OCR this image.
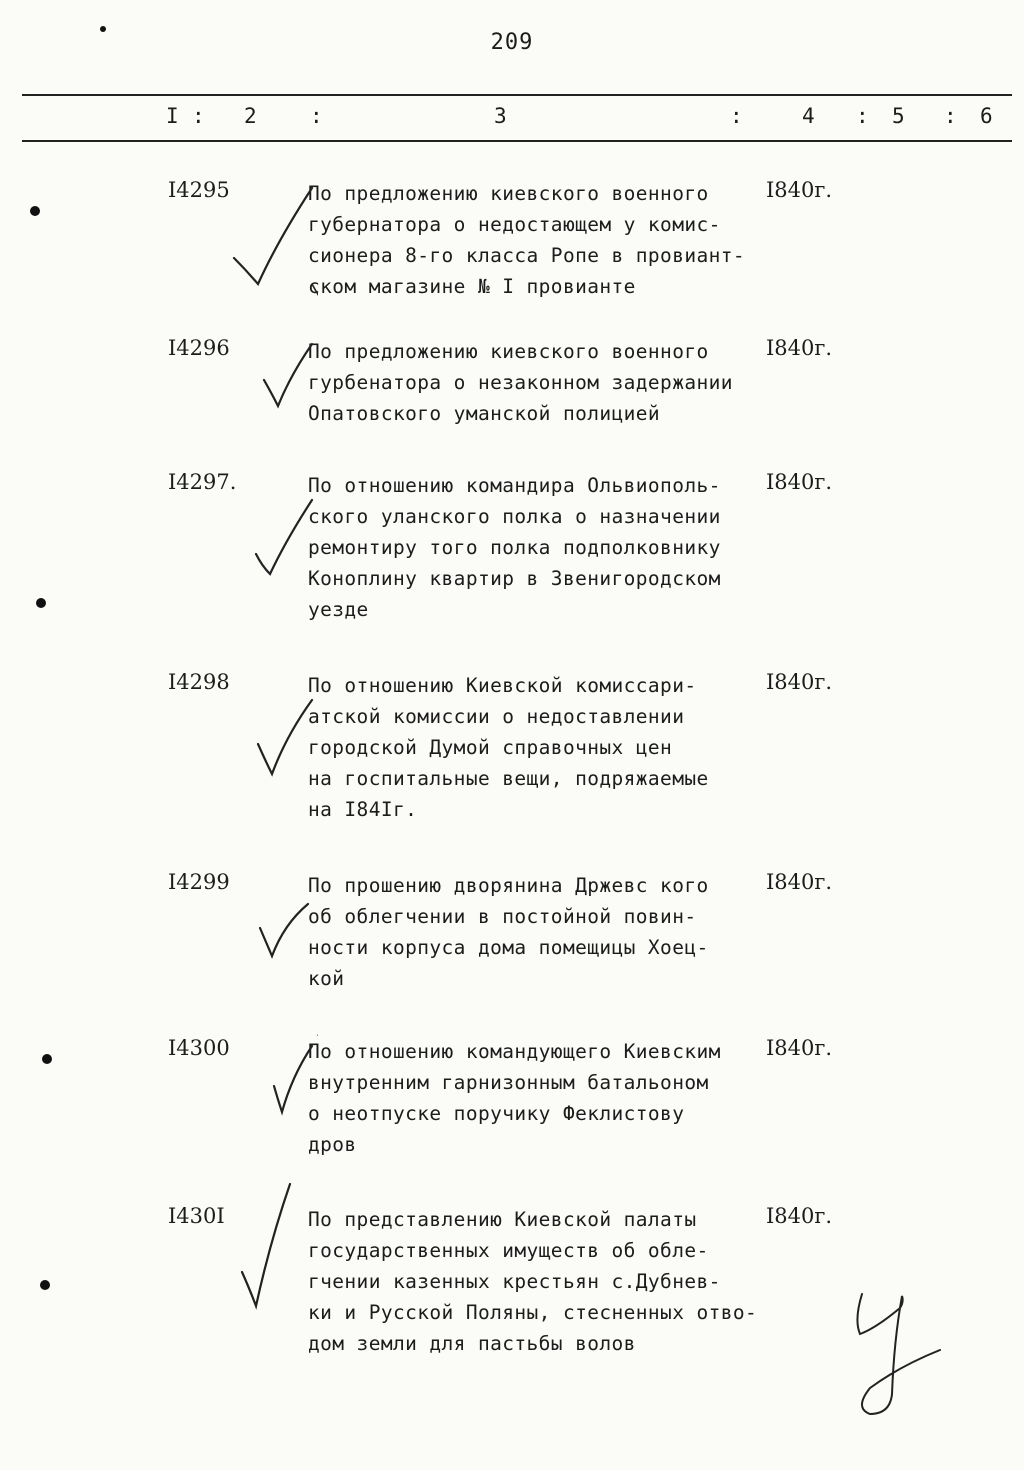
209
I : 2	:	3	:	4 : 5 : 6
I4295	По предложению киевского военного
губернатора о недостающем у комис-
сионера 8-го класса Ропе в провиант-
ском магазине № I провианте
I840г.
I4296	По предложению киевского военного
гурбенатора о незаконном задержании
Опатовского уманской полицией
I840г.
I4297.	По отношению командира Ольвиополь-
ского уланского полка о назначении
ремонтиру того полка подполковнику
Коноплину квартир в Звенигородском
уезде
I840г.
I4298	По отношению Киевской комиссари-
атской комиссии о недоставлении
городской Думой справочных цен
на госпитальные вещи, подряжаемые
на I84Iг.
I840г.
I4299	По прошению дворянина Држевс кого
об облегчении в постойной повин-
ности корпуса дома помещицы Хоец-
кой
I840г.
I4300	По отношению командующего Киевским
внутренним гарнизонным батальоном
о неотпуске поручику Феклистову
дров
I840г.
I430I	По представлению Киевской палаты
государственных имуществ об обле-
гчении казенных крестьян с.Дубнев-
ки и Русской Поляны, стесненных отво-
дом земли для пастьбы волов
I840г.
